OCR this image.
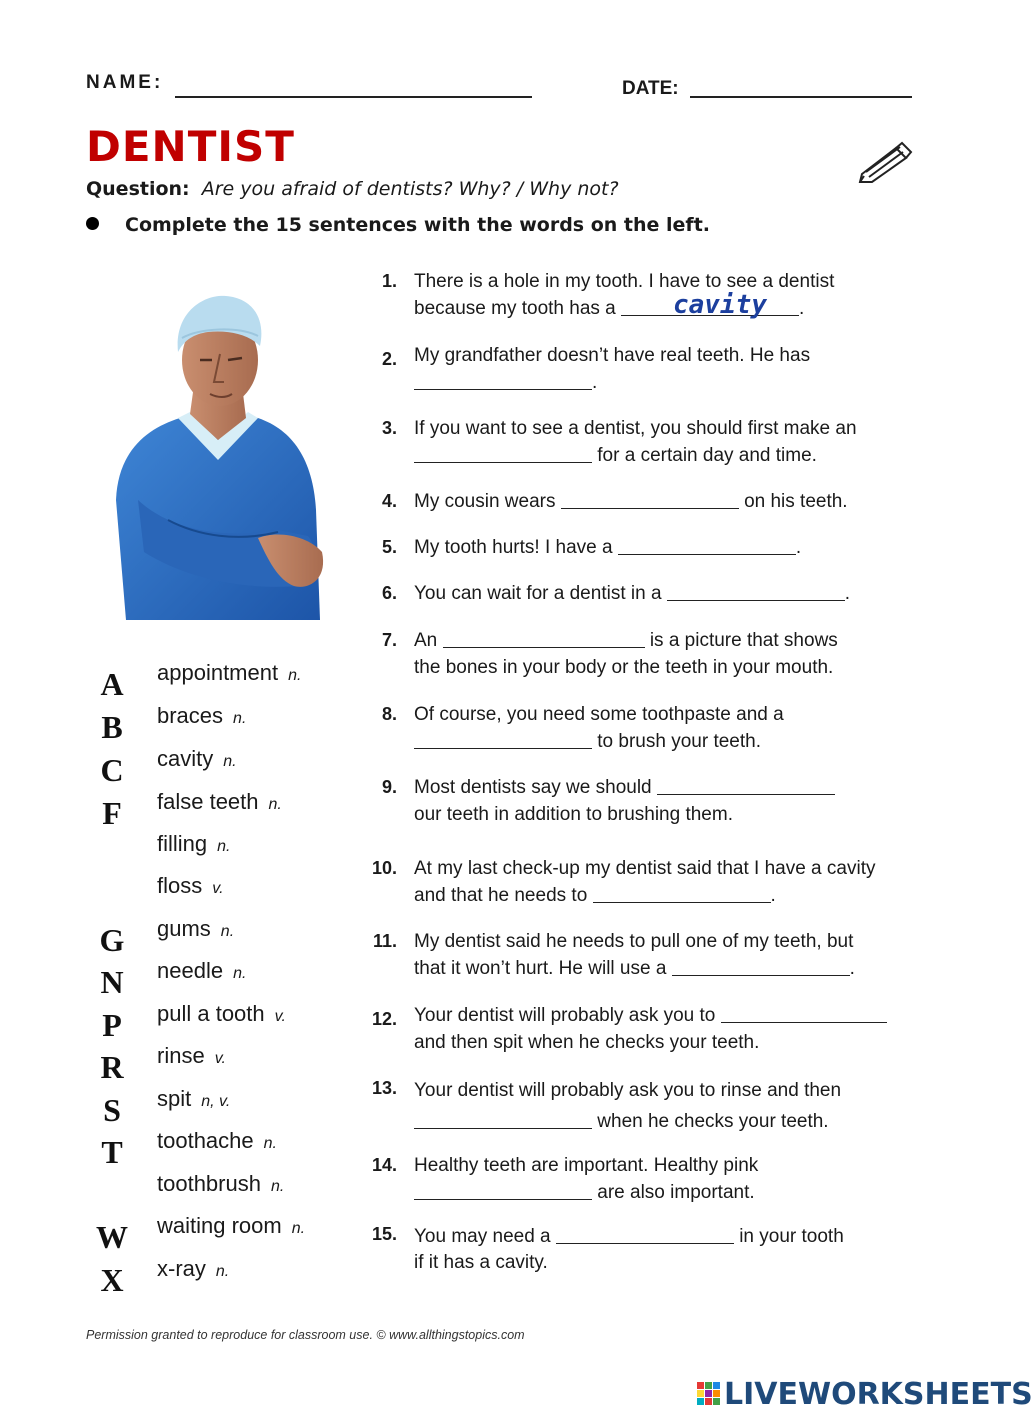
NAME:	DATE:
DENTIST
Question: Are you afraid of dentists? Why? / Why not?
Complete the 15 sentences with the words on the left.
A appointment n.
B	braces n.
C cavity n.
F	false teeth n.
filling n.
floss v.
G gums n.
N needle n.
P	pull a tooth v.
R rinse v.
S	spit n, v.
T	toothache n.
toothbrush n.
W waiting room n.
X x-ray n.
1. There is a hole in my tooth. I have to see a dentist
because my tooth has a	.
2. My grandfather doesn’t have real teeth. He has
.
3. If you want to see a dentist, you should first make an
for a certain day and time.
4. My cousin wears	on his teeth.
5. My tooth hurts! I have a	.
6. You can wait for a dentist in a	.
7. An	is a picture that shows
the bones in your body or the teeth in your mouth.
8. Of course, you need some toothpaste and a
to brush your teeth.
9. Most dentists say we should
our teeth in addition to brushing them.
10. At my last check-up my dentist said that I have a cavity
and that he needs to	.
11. My dentist said he needs to pull one of my teeth, but
that it won’t hurt. He will use a	.
12. Your dentist will probably ask you to
and then spit when he checks your teeth.
13. Your dentist will probably ask you to rinse and then
when he checks your teeth.
14. Healthy teeth are important. Healthy pink
are also important.
15. You may need a	in your tooth
if it has a cavity.
cavity
Permission granted to reproduce for classroom use. © www.allthingstopics.com
LIVEWORKSHEETS
